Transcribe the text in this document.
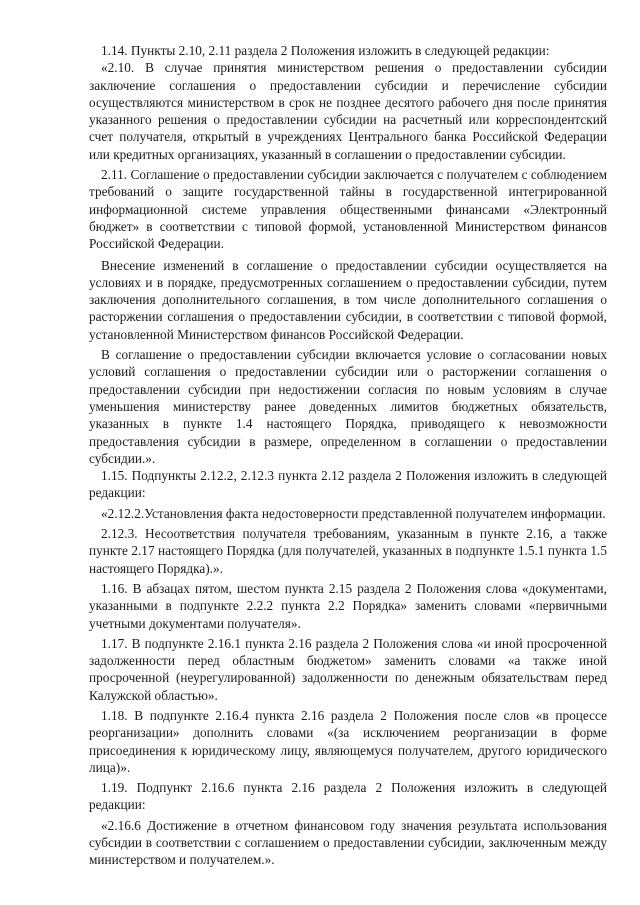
1.14. Пункты 2.10, 2.11 раздела 2 Положения изложить в следующей редакции:

«2.10. В случае принятия министерством решения о предоставлении субсидии заключение соглашения о предоставлении субсидии и перечисление субсидии осуществляются министерством в срок не позднее десятого рабочего дня после принятия указанного решения о предоставлении субсидии на расчетный или корреспондентский счет получателя, открытый в учреждениях Центрального банка Российской Федерации или кредитных организациях, указанный в соглашении о предоставлении субсидии.

2.11. Соглашение о предоставлении субсидии заключается с получателем с соблюдением требований о защите государственной тайны в государственной интегрированной информационной системе управления общественными финансами «Электронный бюджет» в соответствии с типовой формой, установленной Министерством финансов Российской Федерации.

Внесение изменений в соглашение о предоставлении субсидии осуществляется на условиях и в порядке, предусмотренных соглашением о предоставлении субсидии, путем заключения дополнительного соглашения, в том числе дополнительного соглашения о расторжении соглашения о предоставлении субсидии, в соответствии с типовой формой, установленной Министерством финансов Российской Федерации.

В соглашение о предоставлении субсидии включается условие о согласовании новых условий соглашения о предоставлении субсидии или о расторжении соглашения о предоставлении субсидии при недостижении согласия по новым условиям в случае уменьшения министерству ранее доведенных лимитов бюджетных обязательств, указанных в пункте 1.4 настоящего Порядка, приводящего к невозможности предоставления субсидии в размере, определенном в соглашении о предоставлении субсидии.».

1.15. Подпункты 2.12.2, 2.12.3 пункта 2.12 раздела 2 Положения изложить в следующей редакции:

«2.12.2.Установления факта недостоверности представленной получателем информации.

2.12.3. Несоответствия получателя требованиям, указанным в пункте 2.16, а также пункте 2.17 настоящего Порядка (для получателей, указанных в подпункте 1.5.1 пункта 1.5 настоящего Порядка).».

1.16. В абзацах пятом, шестом пункта 2.15 раздела 2 Положения слова «документами, указанными в подпункте 2.2.2 пункта 2.2 Порядка» заменить словами «первичными учетными документами получателя».

1.17. В подпункте 2.16.1 пункта 2.16 раздела 2 Положения слова «и иной просроченной задолженности перед областным бюджетом» заменить словами «а также иной просроченной (неурегулированной) задолженности по денежным обязательствам перед Калужской областью».

1.18. В подпункте 2.16.4 пункта 2.16 раздела 2 Положения после слов «в процессе реорганизации» дополнить словами «(за исключением реорганизации в форме присоединения к юридическому лицу, являющемуся получателем, другого юридического лица)».

1.19. Подпункт 2.16.6 пункта 2.16 раздела 2 Положения изложить в следующей редакции:

«2.16.6 Достижение в отчетном финансовом году значения результата использования субсидии в соответствии с соглашением о предоставлении субсидии, заключенным между министерством и получателем.».
